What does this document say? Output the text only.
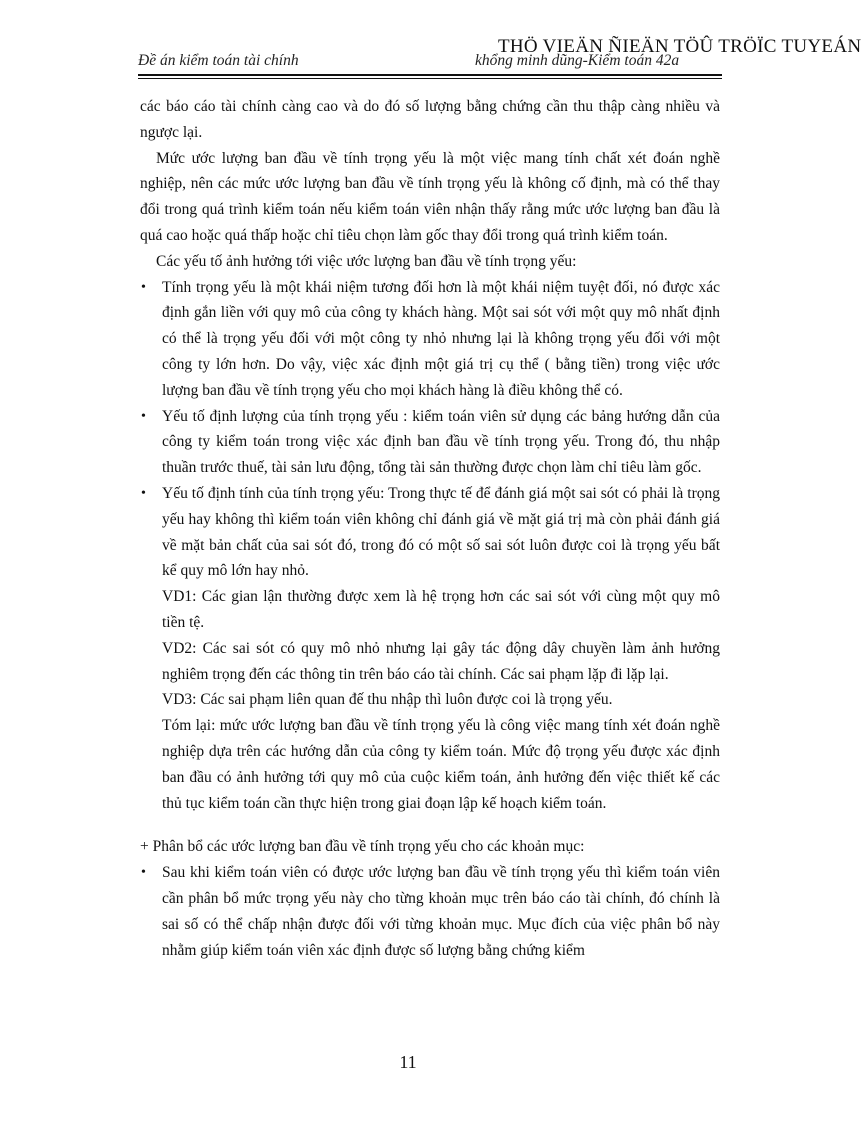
THÖ VIEÄN ÑIEÄN TÖÛ TRÖÏC TUYEÁN
Đề án kiểm toán tài chính	khổng minh dũng-Kiểm toán 42a

các báo cáo tài chính càng cao và do đó số lượng bằng chứng cần thu thập càng nhiều và ngược lại.

Mức ước lượng ban đầu về tính trọng yếu là một việc mang tính chất xét đoán nghề nghiệp, nên các mức ước lượng ban đầu về tính trọng yếu là không cố định, mà có thể thay đổi trong quá trình kiểm toán nếu kiểm toán viên nhận thấy rằng mức ước lượng ban đầu là quá cao hoặc quá thấp hoặc chỉ tiêu chọn làm gốc thay đổi trong quá trình kiểm toán.

Các yếu tố ảnh hưởng tới việc ước lượng ban đầu về tính trọng yếu:

• Tính trọng yếu là một khái niệm tương đối hơn là một khái niệm tuyệt đối, nó được xác định gắn liền với quy mô của công ty khách hàng. Một sai sót với một quy mô nhất định có thể là trọng yếu đối với một công ty nhỏ nhưng lại là không trọng yếu đối với một công ty lớn hơn. Do vậy, việc xác định một giá trị cụ thể ( bằng tiền) trong việc ước lượng ban đầu về tính trọng yếu cho mọi khách hàng là điều không thể có.
• Yếu tố định lượng của tính trọng yếu : kiểm toán viên sử dụng các bảng hướng dẫn của công ty kiểm toán trong việc xác định ban đầu về tính trọng yếu. Trong đó, thu nhập thuần trước thuế, tài sản lưu động, tổng tài sản thường được chọn làm chỉ tiêu làm gốc.
• Yếu tố định tính của tính trọng yếu: Trong thực tế để đánh giá một sai sót có phải là trọng yếu hay không thì kiểm toán viên không chỉ đánh giá về mặt giá trị mà còn phải đánh giá về mặt bản chất của sai sót đó, trong đó có một số sai sót luôn được coi là trọng yếu bất kể quy mô lớn hay nhỏ.

VD1: Các gian lận thường được xem là hệ trọng hơn các sai sót với cùng một quy mô tiền tệ.

VD2: Các sai sót có quy mô nhỏ nhưng lại gây tác động dây chuyền làm ảnh hưởng nghiêm trọng đến các thông tin trên báo cáo tài chính. Các sai phạm lặp đi lặp lại.

VD3: Các sai phạm liên quan đế thu nhập thì luôn được coi là trọng yếu.

Tóm lại: mức ước lượng ban đầu về tính trọng yếu là công việc mang tính xét đoán nghề nghiệp dựa trên các hướng dẫn của công ty kiểm toán. Mức độ trọng yếu được xác định ban đầu có ảnh hưởng tới quy mô của cuộc kiểm toán, ảnh hưởng đến việc thiết kế các thủ tục kiểm toán cần thực hiện trong giai đoạn lập kế hoạch kiểm toán.

+ Phân bổ các ước lượng ban đầu về tính trọng yếu cho các khoản mục:

• Sau khi kiểm toán viên có được ước lượng ban đầu về tính trọng yếu thì kiểm toán viên cần phân bổ mức trọng yếu này cho từng khoản mục trên báo cáo tài chính, đó chính là sai số có thể chấp nhận được đối với từng khoản mục. Mục đích của việc phân bổ này nhằm giúp kiểm toán viên xác định được số lượng bằng chứng kiểm
11
